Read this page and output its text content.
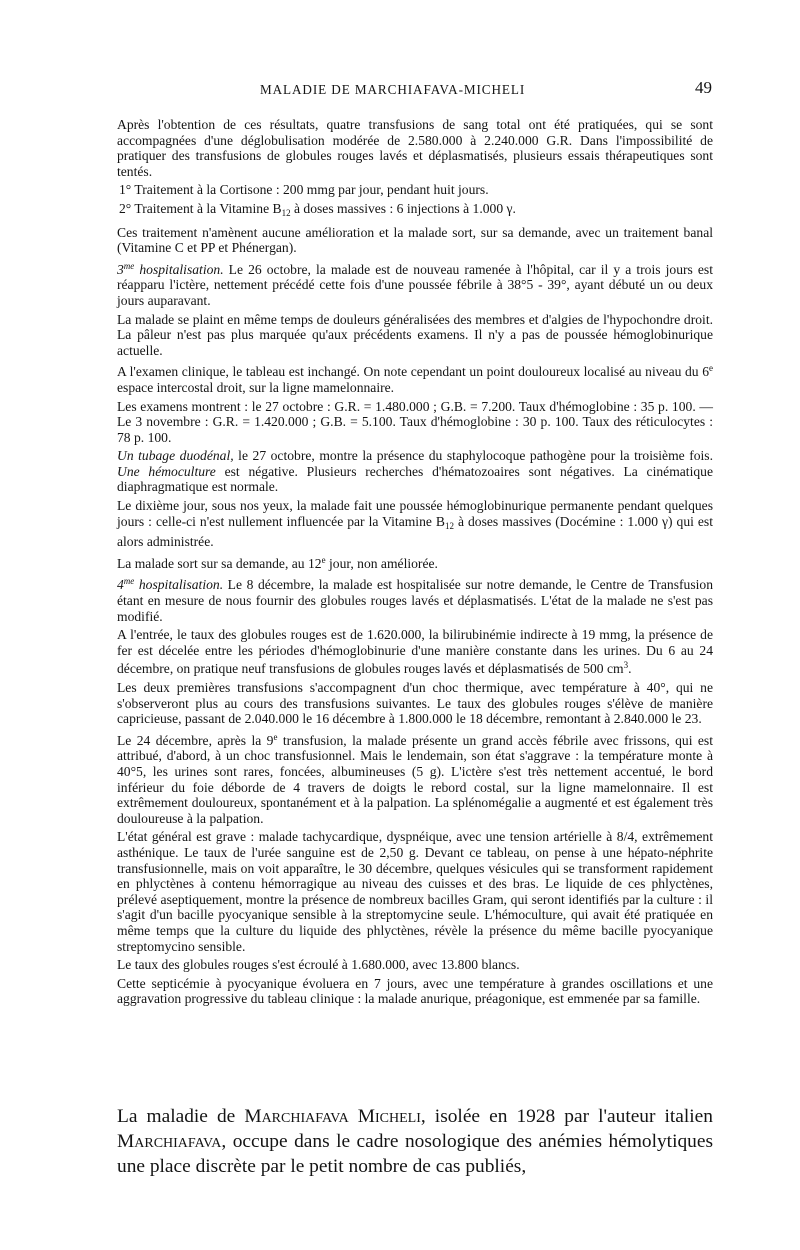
MALADIE DE MARCHIAFAVA-MICHELI	49

Après l'obtention de ces résultats, quatre transfusions de sang total ont été pratiquées, qui se sont accompagnées d'une déglobulisation modérée de 2.580.000 à 2.240.000 G.R. Dans l'impossibilité de pratiquer des transfusions de globules rouges lavés et déplasmatisés, plusieurs essais thérapeutiques sont tentés.

1° Traitement à la Cortisone : 200 mmg par jour, pendant huit jours.

2° Traitement à la Vitamine $B_{12}$ à doses massives : 6 injections à 1.000 γ.

Ces traitement n'amènent aucune amélioration et la malade sort, sur sa demande, avec un traitement banal (Vitamine C et PP et Phénergan).

$3^{me}$ hospitalisation. Le 26 octobre, la malade est de nouveau ramenée à l'hôpital, car il y a trois jours est réapparu l'ictère, nettement précédé cette fois d'une poussée fébrile à 38°5 - 39°, ayant débuté un ou deux jours auparavant.

La malade se plaint en même temps de douleurs généralisées des membres et d'algies de l'hypochondre droit. La pâleur n'est pas plus marquée qu'aux précédents examens. Il n'y a pas de poussée hémoglobinurique actuelle.

A l'examen clinique, le tableau est inchangé. On note cependant un point douloureux localisé au niveau du 6e espace intercostal droit, sur la ligne mamelonnaire.

Les examens montrent : le 27 octobre : G.R. = 1.480.000 ; G.B. = 7.200. Taux d'hémoglobine : 35 p. 100. — Le 3 novembre : G.R. = 1.420.000 ; G.B. = 5.100. Taux d'hémoglobine : 30 p. 100. Taux des réticulocytes : 78 p. 100.

Un tubage duodénal, le 27 octobre, montre la présence du staphylocoque pathogène pour la troisième fois. Une hémoculture est négative. Plusieurs recherches d'hématozoaires sont négatives. La cinématique diaphragmatique est normale.

Le dixième jour, sous nos yeux, la malade fait une poussée hémoglobinurique permanente pendant quelques jours : celle-ci n'est nullement influencée par la Vitamine $B_{12}$ à doses massives (Docémine : 1.000 γ) qui est alors administrée.

La malade sort sur sa demande, au 12e jour, non améliorée.

$4^{me}$ hospitalisation. Le 8 décembre, la malade est hospitalisée sur notre demande, le Centre de Transfusion étant en mesure de nous fournir des globules rouges lavés et déplasmatisés. L'état de la malade ne s'est pas modifié.

A l'entrée, le taux des globules rouges est de 1.620.000, la bilirubinémie indirecte à 19 mmg, la présence de fer est décelée entre les périodes d'hémoglobinurie d'une manière constante dans les urines. Du 6 au 24 décembre, on pratique neuf transfusions de globules rouges lavés et déplasmatisés de 500 $cm^3$.

Les deux premières transfusions s'accompagnent d'un choc thermique, avec température à 40°, qui ne s'observeront plus au cours des transfusions suivantes. Le taux des globules rouges s'élève de manière capricieuse, passant de 2.040.000 le 16 décembre à 1.800.000 le 18 décembre, remontant à 2.840.000 le 23.

Le 24 décembre, après la 9e transfusion, la malade présente un grand accès fébrile avec frissons, qui est attribué, d'abord, à un choc transfusionnel. Mais le lendemain, son état s'aggrave : la température monte à 40°5, les urines sont rares, foncées, albumineuses (5 g). L'ictère s'est très nettement accentué, le bord inférieur du foie déborde de 4 travers de doigts le rebord costal, sur la ligne mamelonnaire. Il est extrêmement douloureux, spontanément et à la palpation. La splénomégalie a augmenté et est également très douloureuse à la palpation.

L'état général est grave : malade tachycardique, dyspnéique, avec une tension artérielle à 8/4, extrêmement asthénique. Le taux de l'urée sanguine est de 2,50 g. Devant ce tableau, on pense à une hépato-néphrite transfusionnelle, mais on voit apparaître, le 30 décembre, quelques vésicules qui se transforment rapidement en phlyctènes à contenu hémorragique au niveau des cuisses et des bras. Le liquide de ces phlyctènes, prélevé aseptiquement, montre la présence de nombreux bacilles Gram, qui seront identifiés par la culture : il s'agit d'un bacille pyocyanique sensible à la streptomycine seule. L'hémoculture, qui avait été pratiquée en même temps que la culture du liquide des phlyctènes, révèle la présence du même bacille pyocyanique streptomycino sensible.

Le taux des globules rouges s'est écroulé à 1.680.000, avec 13.800 blancs.

Cette septicémie à pyocyanique évoluera en 7 jours, avec une température à grandes oscillations et une aggravation progressive du tableau clinique : la malade anurique, préagonique, est emmenée par sa famille.

La maladie de Marchiafava Micheli, isolée en 1928 par l'auteur italien Marchiafava, occupe dans le cadre nosologique des anémies hémolytiques une place discrète par le petit nombre de cas publiés,
